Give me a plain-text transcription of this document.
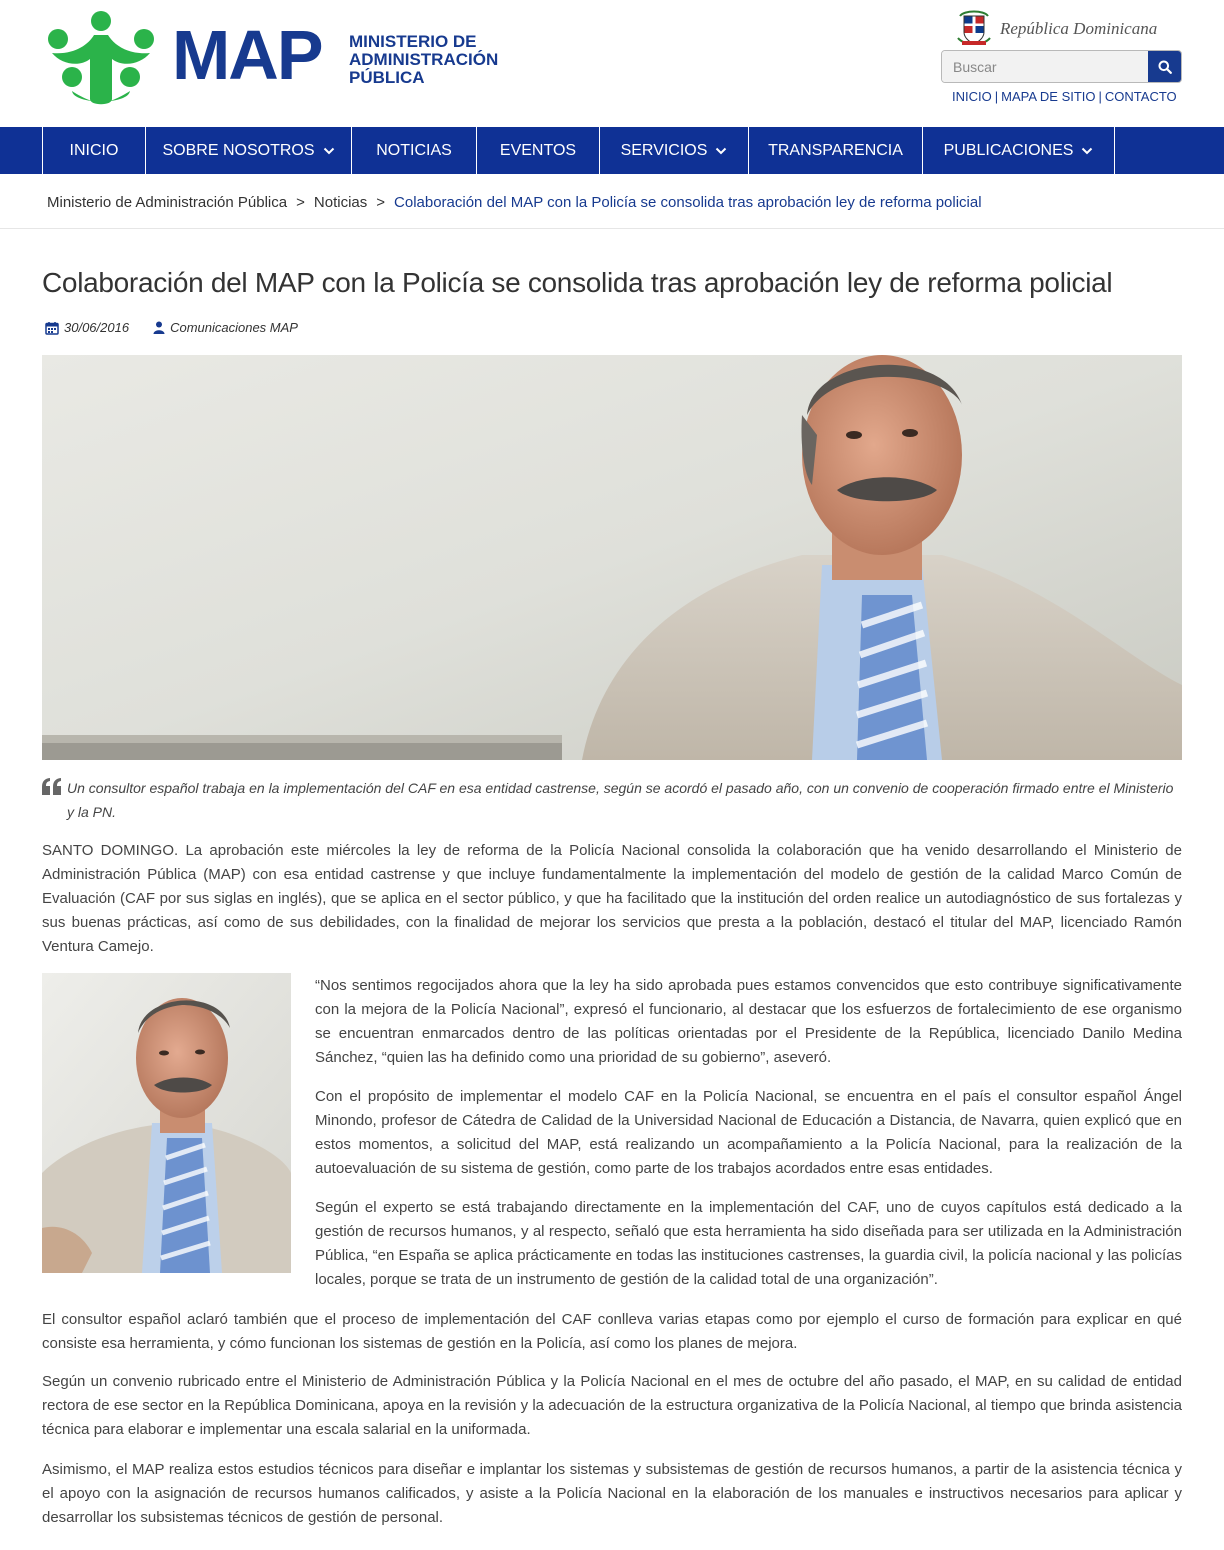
MAP MINISTERIO DE
ADMINISTRACIÓN
PÚBLICA
República Dominicana
Buscar
INICIO | MAPA DE SITIO | CONTACTO
INICIO	SOBRE NOSOTROS	NOTICIAS	EVENTOS	SERVICIOS	TRANSPARENCIA	PUBLICACIONES
Ministerio de Administración Pública > Noticias > Colaboración del MAP con la Policía se consolida tras aprobación ley de reforma policial
Colaboración del MAP con la Policía se consolida tras aprobación ley de reforma policial
30/06/2016	Comunicaciones MAP

Un consultor español trabaja en la implementación del CAF en esa entidad castrense, según se acordó el pasado año, con un convenio de cooperación firmado entre el Ministerio y la PN.

SANTO DOMINGO. La aprobación este miércoles la ley de reforma de la Policía Nacional consolida la colaboración que ha venido desarrollando el Ministerio de Administración Pública (MAP) con esa entidad castrense y que incluye fundamentalmente la implementación del modelo de gestión de la calidad Marco Común de Evaluación (CAF por sus siglas en inglés), que se aplica en el sector público, y que ha facilitado que la institución del orden realice un autodiagnóstico de sus fortalezas y sus buenas prácticas, así como de sus debilidades, con la finalidad de mejorar los servicios que presta a la población, destacó el titular del MAP, licenciado Ramón Ventura Camejo.

“Nos sentimos regocijados ahora que la ley ha sido aprobada pues estamos convencidos que esto contribuye significativamente con la mejora de la Policía Nacional”, expresó el funcionario, al destacar que los esfuerzos de fortalecimiento de ese organismo se encuentran enmarcados dentro de las políticas orientadas por el Presidente de la República, licenciado Danilo Medina Sánchez, “quien las ha definido como una prioridad de su gobierno”, aseveró.

Con el propósito de implementar el modelo CAF en la Policía Nacional, se encuentra en el país el consultor español Ángel Minondo, profesor de Cátedra de Calidad de la Universidad Nacional de Educación a Distancia, de Navarra, quien explicó que en estos momentos, a solicitud del MAP, está realizando un acompañamiento a la Policía Nacional, para la realización de la autoevaluación de su sistema de gestión, como parte de los trabajos acordados entre esas entidades.

Según el experto se está trabajando directamente en la implementación del CAF, uno de cuyos capítulos está dedicado a la gestión de recursos humanos, y al respecto, señaló que esta herramienta ha sido diseñada para ser utilizada en la Administración Pública, “en España se aplica prácticamente en todas las instituciones castrenses, la guardia civil, la policía nacional y las policías locales, porque se trata de un instrumento de gestión de la calidad total de una organización”.

El consultor español aclaró también que el proceso de implementación del CAF conlleva varias etapas como por ejemplo el curso de formación para explicar en qué consiste esa herramienta, y cómo funcionan los sistemas de gestión en la Policía, así como los planes de mejora.

Según un convenio rubricado entre el Ministerio de Administración Pública y la Policía Nacional en el mes de octubre del año pasado, el MAP, en su calidad de entidad rectora de ese sector en la República Dominicana, apoya en la revisión y la adecuación de la estructura organizativa de la Policía Nacional, al tiempo que brinda asistencia técnica para elaborar e implementar una escala salarial en la uniformada.

Asimismo, el MAP realiza estos estudios técnicos para diseñar e implantar los sistemas y subsistemas de gestión de recursos humanos, a partir de la asistencia técnica y el apoyo con la asignación de recursos humanos calificados, y asiste a la Policía Nacional en la elaboración de los manuales e instructivos necesarios para aplicar y desarrollar los subsistemas técnicos de gestión de personal.
